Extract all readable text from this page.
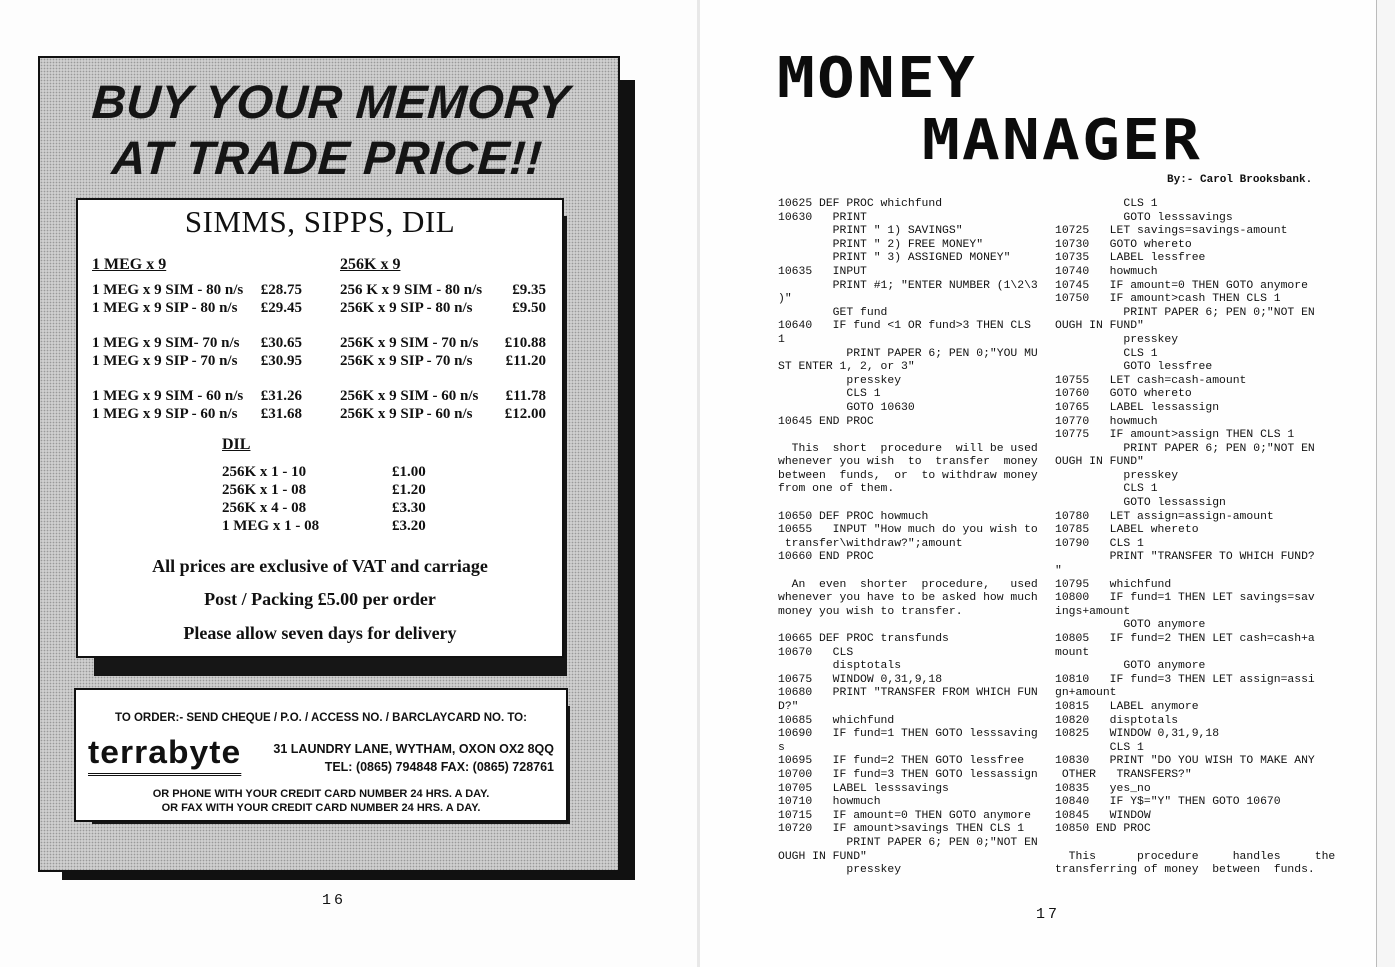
BUY YOUR MEMORY
AT TRADE PRICE!!
SIMMS, SIPPS, DIL
1 MEG x 9	256K x 9
1 MEG x 9 SIM - 80 n/s £28.75
1 MEG x 9 SIP - 80 n/s £29.45
1 MEG x 9 SIM- 70 n/s £30.65
1 MEG x 9 SIP - 70 n/s £30.95
1 MEG x 9 SIM - 60 n/s £31.26
1 MEG x 9 SIP - 60 n/s £31.68
256 K x 9 SIM - 80 n/s	£9.35
256K x 9 SIP - 80 n/s	£9.50
256K x 9 SIM - 70 n/s	£10.88
256K x 9 SIP - 70 n/s	£11.20
256K x 9 SIM - 60 n/s	£11.78
256K x 9 SIP - 60 n/s	£12.00
DIL
256K x 1 - 10	£1.00
256K x 1 - 08	£1.20
256K x 4 - 08	£3.30
1 MEG x 1 - 08	£3.20
All prices are exclusive of VAT and carriage
Post / Packing £5.00 per order
Please allow seven days for delivery
TO ORDER:- SEND CHEQUE / P.O. / ACCESS NO. / BARCLAYCARD NO. TO:
terrabyte	31 LAUNDRY LANE, WYTHAM, OXON OX2 8QQ
TEL: (0865) 794848 FAX: (0865) 728761
OR PHONE WITH YOUR CREDIT CARD NUMBER 24 HRS. A DAY.
OR FAX WITH YOUR CREDIT CARD NUMBER 24 HRS. A DAY.
16
MONEY
MANAGER
By:- Carol Brooksbank.
10625 DEF PROC whichfund
10630   PRINT
PRINT " 1) SAVINGS"
PRINT " 2) FREE MONEY"
PRINT " 3) ASSIGNED MONEY"
10635   INPUT
PRINT #1; "ENTER NUMBER (1\2\3
)"
GET fund
10640   IF fund <1 OR fund>3 THEN CLS
1
PRINT PAPER 6; PEN 0;"YOU MU
ST ENTER 1, 2, or 3"
presskey
CLS 1
GOTO 10630
10645 END PROC

This  short  procedure  will be used
whenever you wish  to  transfer  money
between  funds,  or  to withdraw money
from one of them.

10650 DEF PROC howmuch
10655   INPUT "How much do you wish to
transfer\withdraw?";amount
10660 END PROC

An  even  shorter  procedure,   used
whenever you have to be asked how much
money you wish to transfer.

10665 DEF PROC transfunds
10670   CLS
disptotals
10675   WINDOW 0,31,9,18
10680   PRINT "TRANSFER FROM WHICH FUN
D?"
10685   whichfund
10690   IF fund=1 THEN GOTO lesssaving
s
10695   IF fund=2 THEN GOTO lessfree
10700   IF fund=3 THEN GOTO lessassign
10705   LABEL lesssavings
10710   howmuch
10715   IF amount=0 THEN GOTO anymore
10720   IF amount>savings THEN CLS 1
PRINT PAPER 6; PEN 0;"NOT EN
OUGH IN FUND"
presskey
CLS 1
GOTO lesssavings
10725   LET savings=savings-amount
10730   GOTO whereto
10735   LABEL lessfree
10740   howmuch
10745   IF amount=0 THEN GOTO anymore
10750   IF amount>cash THEN CLS 1
PRINT PAPER 6; PEN 0;"NOT EN
OUGH IN FUND"
presskey
CLS 1
GOTO lessfree
10755   LET cash=cash-amount
10760   GOTO whereto
10765   LABEL lessassign
10770   howmuch
10775   IF amount>assign THEN CLS 1
PRINT PAPER 6; PEN 0;"NOT EN
OUGH IN FUND"
presskey
CLS 1
GOTO lessassign
10780   LET assign=assign-amount
10785   LABEL whereto
10790   CLS 1
PRINT "TRANSFER TO WHICH FUND?
"
10795   whichfund
10800   IF fund=1 THEN LET savings=sav
ings+amount
GOTO anymore
10805   IF fund=2 THEN LET cash=cash+a
mount
GOTO anymore
10810   IF fund=3 THEN LET assign=assi
gn+amount
10815   LABEL anymore
10820   disptotals
10825   WINDOW 0,31,9,18
CLS 1
10830   PRINT "DO YOU WISH TO MAKE ANY
OTHER   TRANSFERS?"
10835   yes_no
10840   IF Y$="Y" THEN GOTO 10670
10845   WINDOW
10850 END PROC

This      procedure     handles     the
transferring of money  between  funds.
17
